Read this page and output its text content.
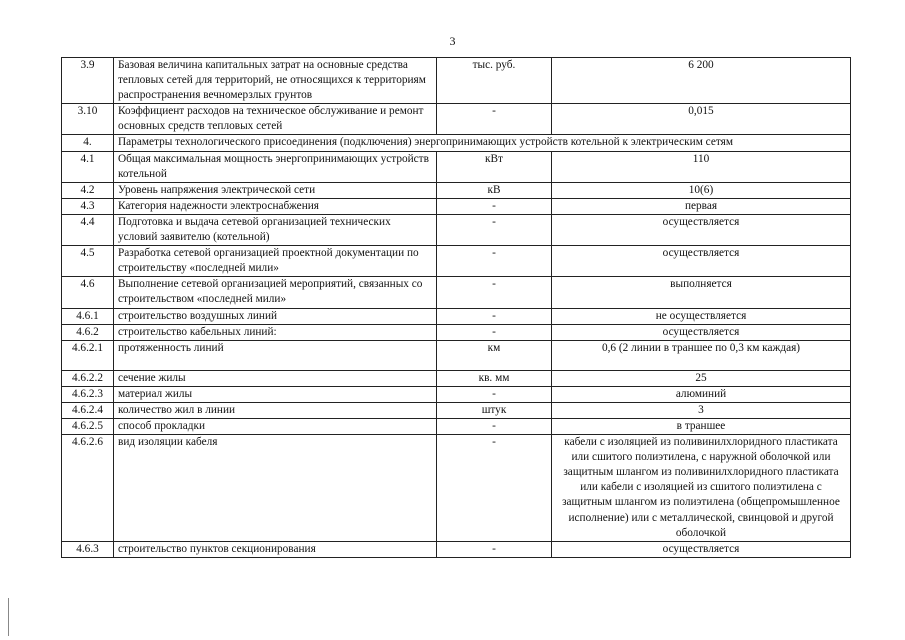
3
3.9	Базовая величина капитальных затрат на основные средства тепловых сетей для территорий, не относящихся к территориям распространения вечномерзлых грунтов	тыс. руб.	6 200
3.10	Коэффициент расходов на техническое обслуживание и ремонт основных средств тепловых сетей	-	0,015
4.	Параметры технологического присоединения (подключения) энергопринимающих устройств котельной к электрическим сетям		
4.1	Общая максимальная мощность энергопринимающих устройств котельной	кВт	110
4.2	Уровень напряжения электрической сети	кВ	10(6)
4.3	Категория надежности электроснабжения	-	первая
4.4	Подготовка и выдача сетевой организацией технических условий заявителю (котельной)	-	осуществляется
4.5	Разработка сетевой организацией проектной документации по строительству «последней мили»	-	осуществляется
4.6	Выполнение сетевой организацией мероприятий, связанных со строительством «последней мили»	-	выполняется
4.6.1	строительство воздушных линий	-	не осуществляется
4.6.2	строительство кабельных линий:	-	осуществляется
4.6.2.1	протяженность линий	км	0,6 (2 линии в траншее по 0,3 км каждая)
4.6.2.2	сечение жилы	кв. мм	25
4.6.2.3	материал жилы	-	алюминий
4.6.2.4	количество жил в линии	штук	3
4.6.2.5	способ прокладки	-	в траншее
4.6.2.6	вид изоляции кабеля	-	кабели с изоляцией из поливинилхлоридного пластиката или сшитого полиэтилена, с наружной оболочкой или защитным шлангом из поливинилхлоридного пластиката или кабели с изоляцией из сшитого полиэтилена с защитным шлангом из полиэтилена (общепромышленное исполнение) или с металлической, свинцовой и другой оболочкой
4.6.3	строительство пунктов секционирования	-	осуществляется
